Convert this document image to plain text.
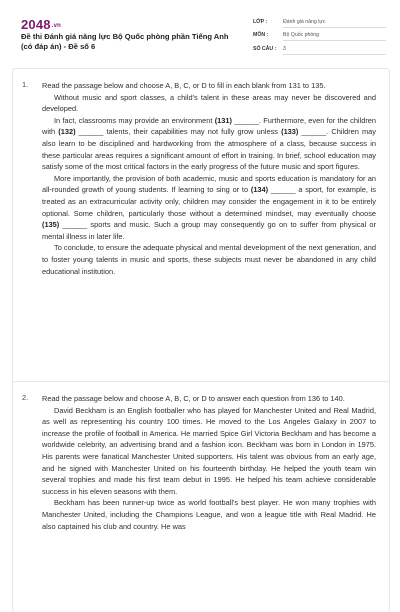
2048.vn
Đề thi Đánh giá năng lực Bộ Quốc phòng phần Tiếng Anh (có đáp án) - Đề số 6
LỚP :	Đánh giá năng lực
MÔN :	Bộ Quốc phòng
SỐ CÂU : 3
1. Read the passage below and choose A, B, C, or D to fill in each blank from 131 to 135.

Without music and sport classes, a child's talent in these areas may never be discovered and developed.

In fact, classrooms may provide an environment (131) ______. Furthermore, even for the children with (132) ______ talents, their capabilities may not fully grow unless (133) ______. Children may also learn to be disciplined and hardworking from the atmosphere of a class, because success in these particular areas requires a significant amount of effort in training. In brief, school education may satisfy some of the most critical factors in the early progress of the future music and sport figures.

More importantly, the provision of both academic, music and sports education is mandatory for an all-rounded growth of young students. If learning to sing or to (134) ______ a sport, for example, is treated as an extracurricular activity only, children may consider the engagement in it to be entirely optional. Some children, particularly those without a determined mindset, may eventually choose (135) ______ sports and music. Such a group may consequently go on to suffer from physical or mental illness in later life.

To conclude, to ensure the adequate physical and mental development of the next generation, and to foster young talents in music and sports, these subjects must never be abandoned in any child educational institution.

2. Read the passage below and choose A, B, C, or D to answer each question from 136 to 140.

David Beckham is an English footballer who has played for Manchester United and Real Madrid, as well as representing his country 100 times. He moved to the Los Angeles Galaxy in 2007 to increase the profile of football in America. He married Spice Girl Victoria Beckham and has become a worldwide celebrity, an advertising brand and a fashion icon. Beckham was born in London in 1975. His parents were fanatical Manchester United supporters. His talent was obvious from an early age, and he signed with Manchester United on his fourteenth birthday. He helped the youth team win several trophies and made his first team debut in 1995. He helped his team achieve considerable success in his eleven seasons with them.

Beckham has been runner-up twice as world football's best player. He won many trophies with Manchester United, including the Champions League, and won a league title with Real Madrid. He also captained his club and country. He was
